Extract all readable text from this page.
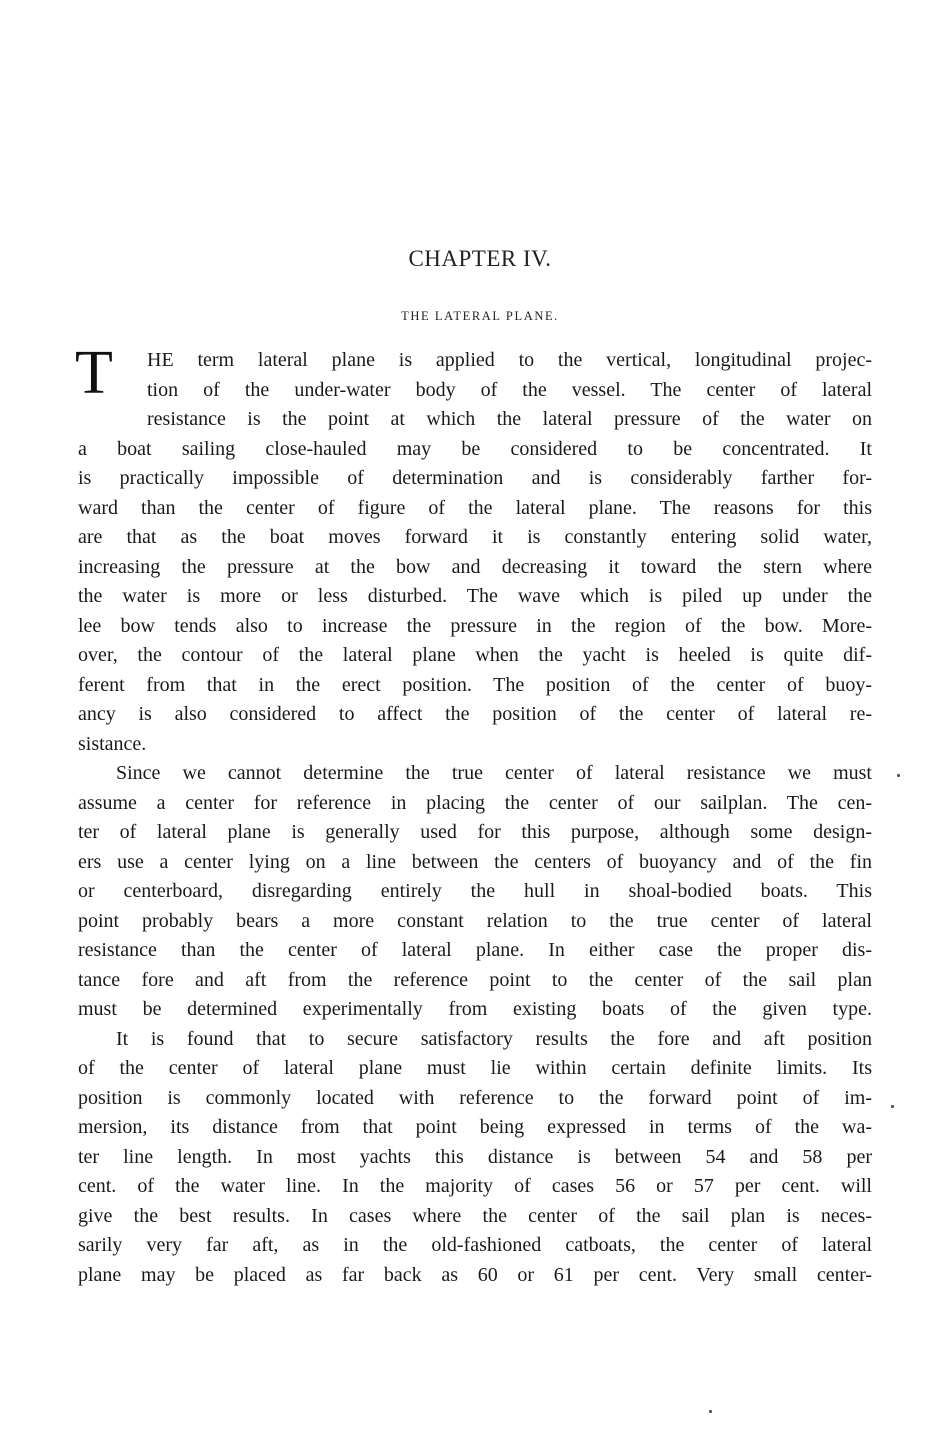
CHAPTER IV.
THE LATERAL PLANE.
T HE term lateral plane is applied to the vertical, longitudinal projec-
tion of the under-water body of the vessel. The center of lateral
resistance is the point at which the lateral pressure of the water on
a boat sailing close-hauled may be considered to be concentrated. It
is practically impossible of determination and is considerably farther for-
ward than the center of figure of the lateral plane. The reasons for this
are that as the boat moves forward it is constantly entering solid water,
increasing the pressure at the bow and decreasing it toward the stern where
the water is more or less disturbed. The wave which is piled up under the
lee bow tends also to increase the pressure in the region of the bow. More-
over, the contour of the lateral plane when the yacht is heeled is quite dif-
ferent from that in the erect position. The position of the center of buoy-
ancy is also considered to affect the position of the center of lateral re-
sistance.
Since we cannot determine the true center of lateral resistance we must
assume a center for reference in placing the center of our sailplan. The cen-
ter of lateral plane is generally used for this purpose, although some design-
ers use a center lying on a line between the centers of buoyancy and of the fin
or centerboard, disregarding entirely the hull in shoal-bodied boats. This
point probably bears a more constant relation to the true center of lateral
resistance than the center of lateral plane. In either case the proper dis-
tance fore and aft from the reference point to the center of the sail plan
must be determined experimentally from existing boats of the given type.
It is found that to secure satisfactory results the fore and aft position
of the center of lateral plane must lie within certain definite limits. Its
position is commonly located with reference to the forward point of im-
mersion, its distance from that point being expressed in terms of the wa-
ter line length. In most yachts this distance is between 54 and 58 per
cent. of the water line. In the majority of cases 56 or 57 per cent. will
give the best results. In cases where the center of the sail plan is neces-
sarily very far aft, as in the old-fashioned catboats, the center of lateral
plane may be placed as far back as 60 or 61 per cent. Very small center-
